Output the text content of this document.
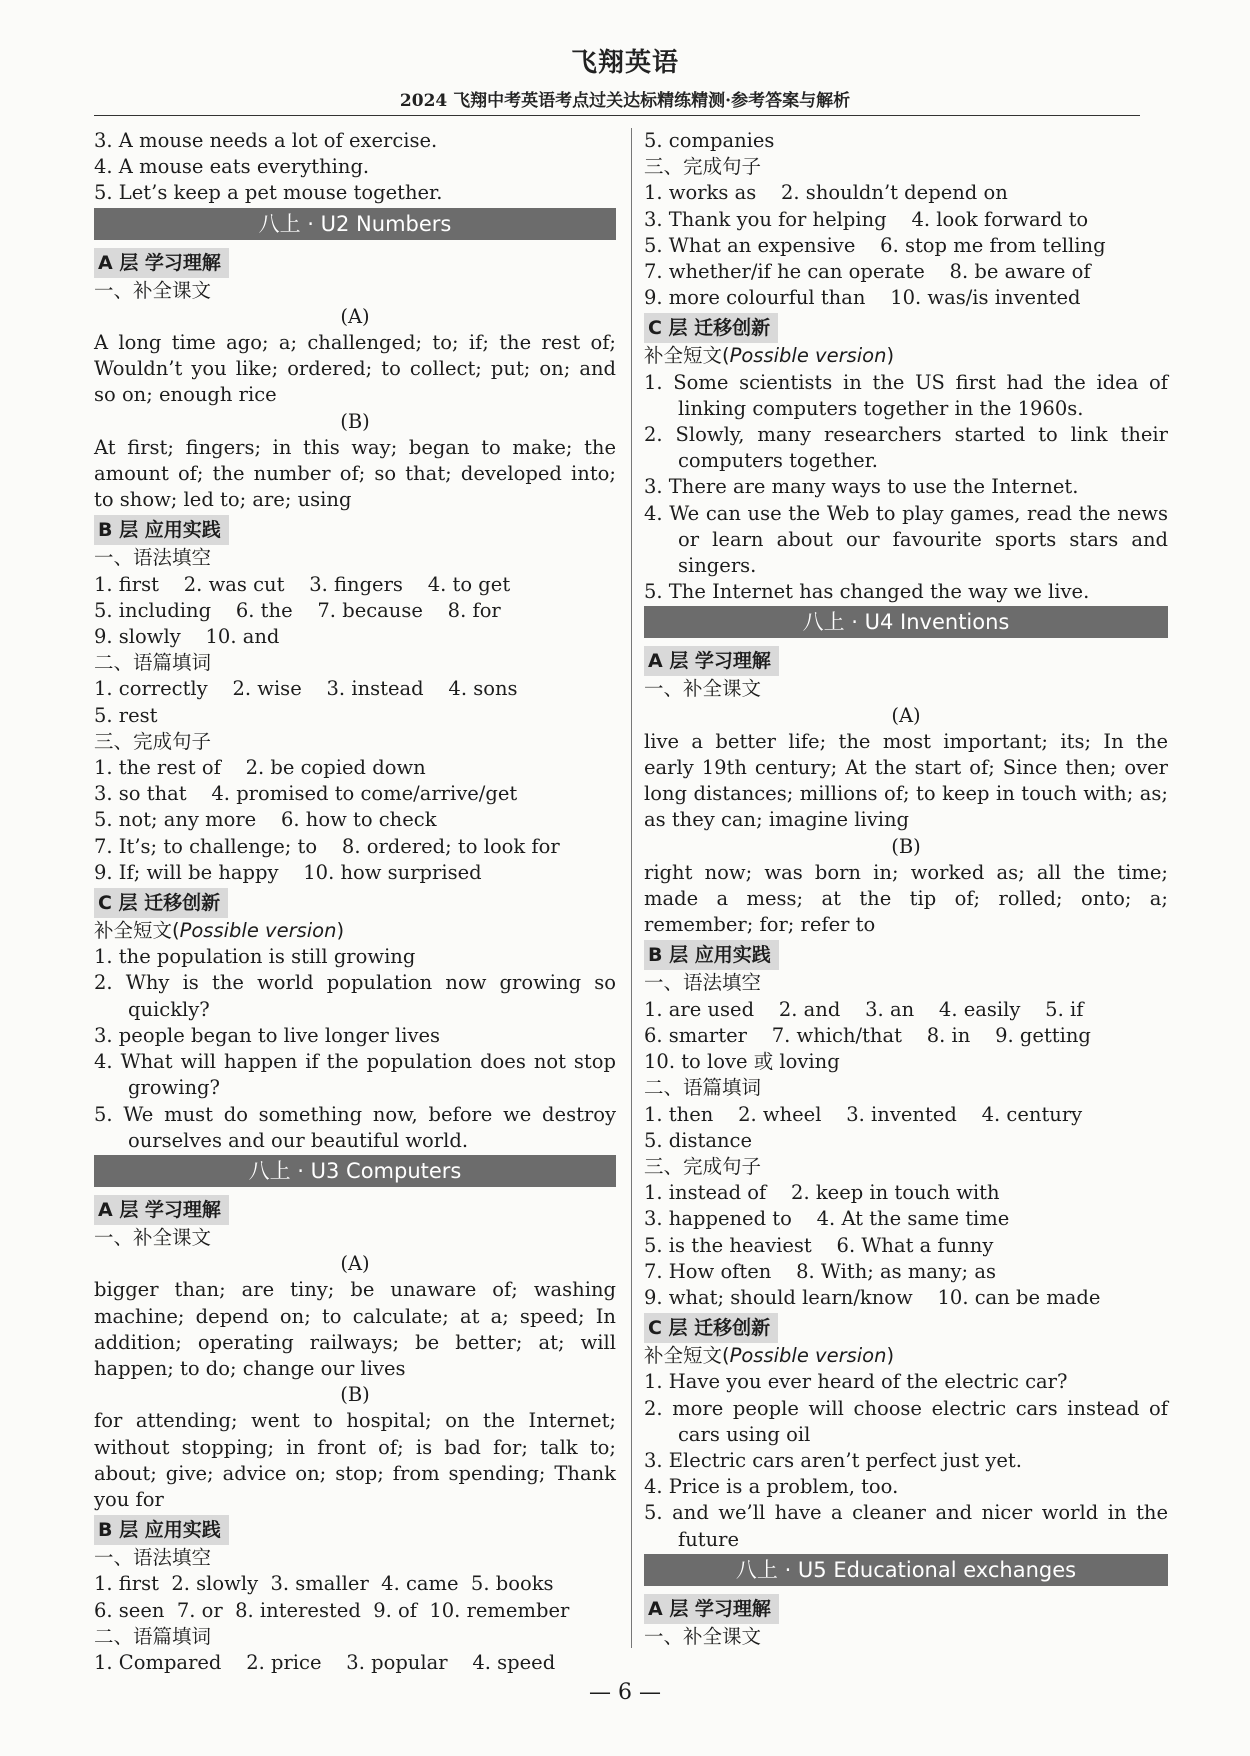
飞翔英语
2024 飞翔中考英语考点过关达标精练精测·参考答案与解析
3. A mouse needs a lot of exercise.
4. A mouse eats everything.
5. Let’s keep a pet mouse together.
八上 · U2 Numbers
A 层 学习理解
一、补全课文
(A)
A long time ago; a; challenged; to; if; the rest of; Wouldn’t you like; ordered; to collect; put; on; and so on; enough rice
(B)
At first; fingers; in this way; began to make; the amount of; the number of; so that; developed into; to show; led to; are; using
B 层 应用实践
一、语法填空
1. first    2. was cut    3. fingers    4. to get
5. including    6. the    7. because    8. for
9. slowly    10. and
二、语篇填词
1. correctly    2. wise    3. instead    4. sons
5. rest
三、完成句子
1. the rest of    2. be copied down
3. so that    4. promised to come/arrive/get
5. not; any more    6. how to check
7. It’s; to challenge; to    8. ordered; to look for
9. If; will be happy    10. how surprised
C 层 迁移创新
补全短文(Possible version)
1. the population is still growing
2. Why is the world population now growing so quickly?
3. people began to live longer lives
4. What will happen if the population does not stop growing?
5. We must do something now, before we destroy ourselves and our beautiful world.
八上 · U3 Computers
A 层 学习理解
一、补全课文
(A)
bigger than; are tiny; be unaware of; washing machine; depend on; to calculate; at a; speed; In addition; operating railways; be better; at; will happen; to do; change our lives
(B)
for attending; went to hospital; on the Internet; without stopping; in front of; is bad for; talk to; about; give; advice on; stop; from spending; Thank you for
B 层 应用实践
一、语法填空
1. first  2. slowly  3. smaller  4. came  5. books
6. seen  7. or  8. interested  9. of  10. remember
二、语篇填词
1. Compared    2. price    3. popular    4. speed
5. companies
三、完成句子
1. works as    2. shouldn’t depend on
3. Thank you for helping    4. look forward to
5. What an expensive    6. stop me from telling
7. whether/if he can operate    8. be aware of
9. more colourful than    10. was/is invented
C 层 迁移创新
补全短文(Possible version)
1. Some scientists in the US first had the idea of linking computers together in the 1960s.
2. Slowly, many researchers started to link their computers together.
3. There are many ways to use the Internet.
4. We can use the Web to play games, read the news or learn about our favourite sports stars and singers.
5. The Internet has changed the way we live.
八上 · U4 Inventions
A 层 学习理解
一、补全课文
(A)
live a better life; the most important; its; In the early 19th century; At the start of; Since then; over long distances; millions of; to keep in touch with; as; as they can; imagine living
(B)
right now; was born in; worked as; all the time; made a mess; at the tip of; rolled; onto; a; remember; for; refer to
B 层 应用实践
一、语法填空
1. are used    2. and    3. an    4. easily    5. if
6. smarter    7. which/that    8. in    9. getting
10. to love 或 loving
二、语篇填词
1. then    2. wheel    3. invented    4. century
5. distance
三、完成句子
1. instead of    2. keep in touch with
3. happened to    4. At the same time
5. is the heaviest    6. What a funny
7. How often    8. With; as many; as
9. what; should learn/know    10. can be made
C 层 迁移创新
补全短文(Possible version)
1. Have you ever heard of the electric car?
2. more people will choose electric cars instead of cars using oil
3. Electric cars aren’t perfect just yet.
4. Price is a problem, too.
5. and we’ll have a cleaner and nicer world in the future
八上 · U5 Educational exchanges
A 层 学习理解
一、补全课文
— 6 —
